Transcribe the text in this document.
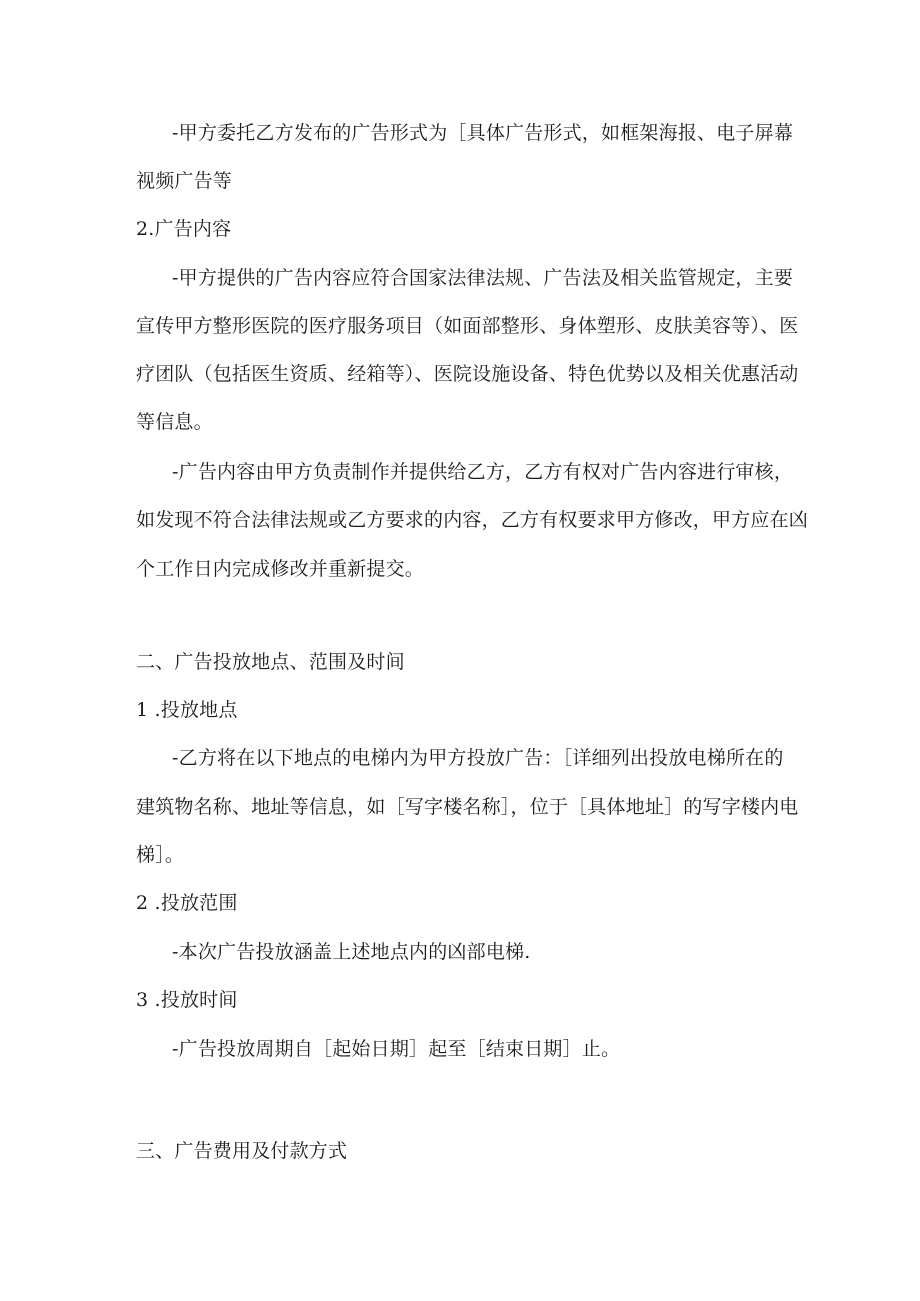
-甲方委托乙方发布的广告形式为［具体广告形式，如框架海报、电子屏幕
视频广告等
2.广告内容
-甲方提供的广告内容应符合国家法律法规、广告法及相关监管规定，主要
宣传甲方整形医院的医疗服务项目（如面部整形、身体塑形、皮肤美容等）、医
疗团队（包括医生资质、经箱等）、医院设施设备、特色优势以及相关优惠活动
等信息。
-广告内容由甲方负责制作并提供给乙方，乙方有权对广告内容进行审核，
如发现不符合法律法规或乙方要求的内容，乙方有权要求甲方修改，甲方应在凶
个工作日内完成修改并重新提交。
二、广告投放地点、范围及时间
1 .投放地点
-乙方将在以下地点的电梯内为甲方投放广告：［详细列出投放电梯所在的
建筑物名称、地址等信息，如［写字楼名称］，位于［具体地址］的写字楼内电
梯］。
2 .投放范围
-本次广告投放涵盖上述地点内的凶部电梯.
3 .投放时间
-广告投放周期自［起始日期］起至［结束日期］止。
三、广告费用及付款方式
